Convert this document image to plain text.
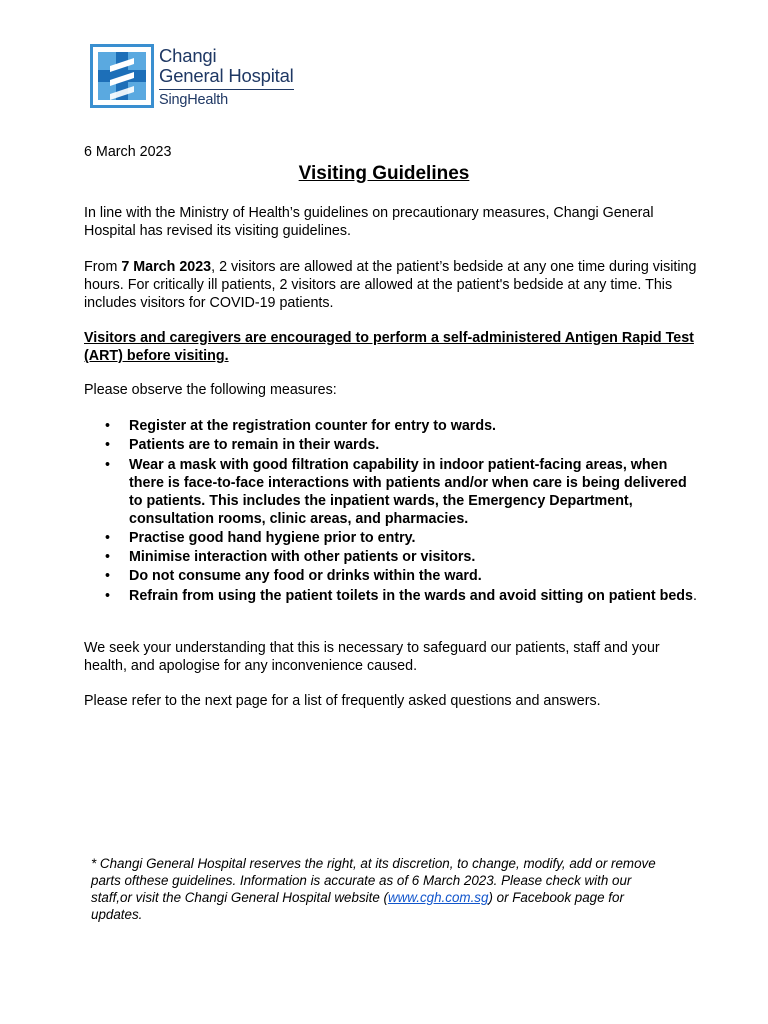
Changi
General Hospital
SingHealth
6 March 2023
Visiting Guidelines
In line with the Ministry of Health’s guidelines on precautionary measures, Changi General Hospital has revised its visiting guidelines.
From 7 March 2023, 2 visitors are allowed at the patient’s bedside at any one time during visiting hours. For critically ill patients, 2 visitors are allowed at the patient's bedside at any time. This includes visitors for COVID-19 patients.
Visitors and caregivers are encouraged to perform a self-administered Antigen Rapid Test (ART) before visiting.
Please observe the following measures:
• Register at the registration counter for entry to wards.
• Patients are to remain in their wards.
• Wear a mask with good filtration capability in indoor patient-facing areas, when there is face-to-face interactions with patients and/or when care is being delivered to patients. This includes the inpatient wards, the Emergency Department, consultation rooms, clinic areas, and pharmacies.
• Practise good hand hygiene prior to entry.
• Minimise interaction with other patients or visitors.
• Do not consume any food or drinks within the ward.
• Refrain from using the patient toilets in the wards and avoid sitting on patient beds.
We seek your understanding that this is necessary to safeguard our patients, staff and your health, and apologise for any inconvenience caused.
Please refer to the next page for a list of frequently asked questions and answers.
* Changi General Hospital reserves the right, at its discretion, to change, modify, add or remove parts ofthese guidelines. Information is accurate as of 6 March 2023. Please check with our staff,or visit the Changi General Hospital website (www.cgh.com.sg) or Facebook page for updates.
